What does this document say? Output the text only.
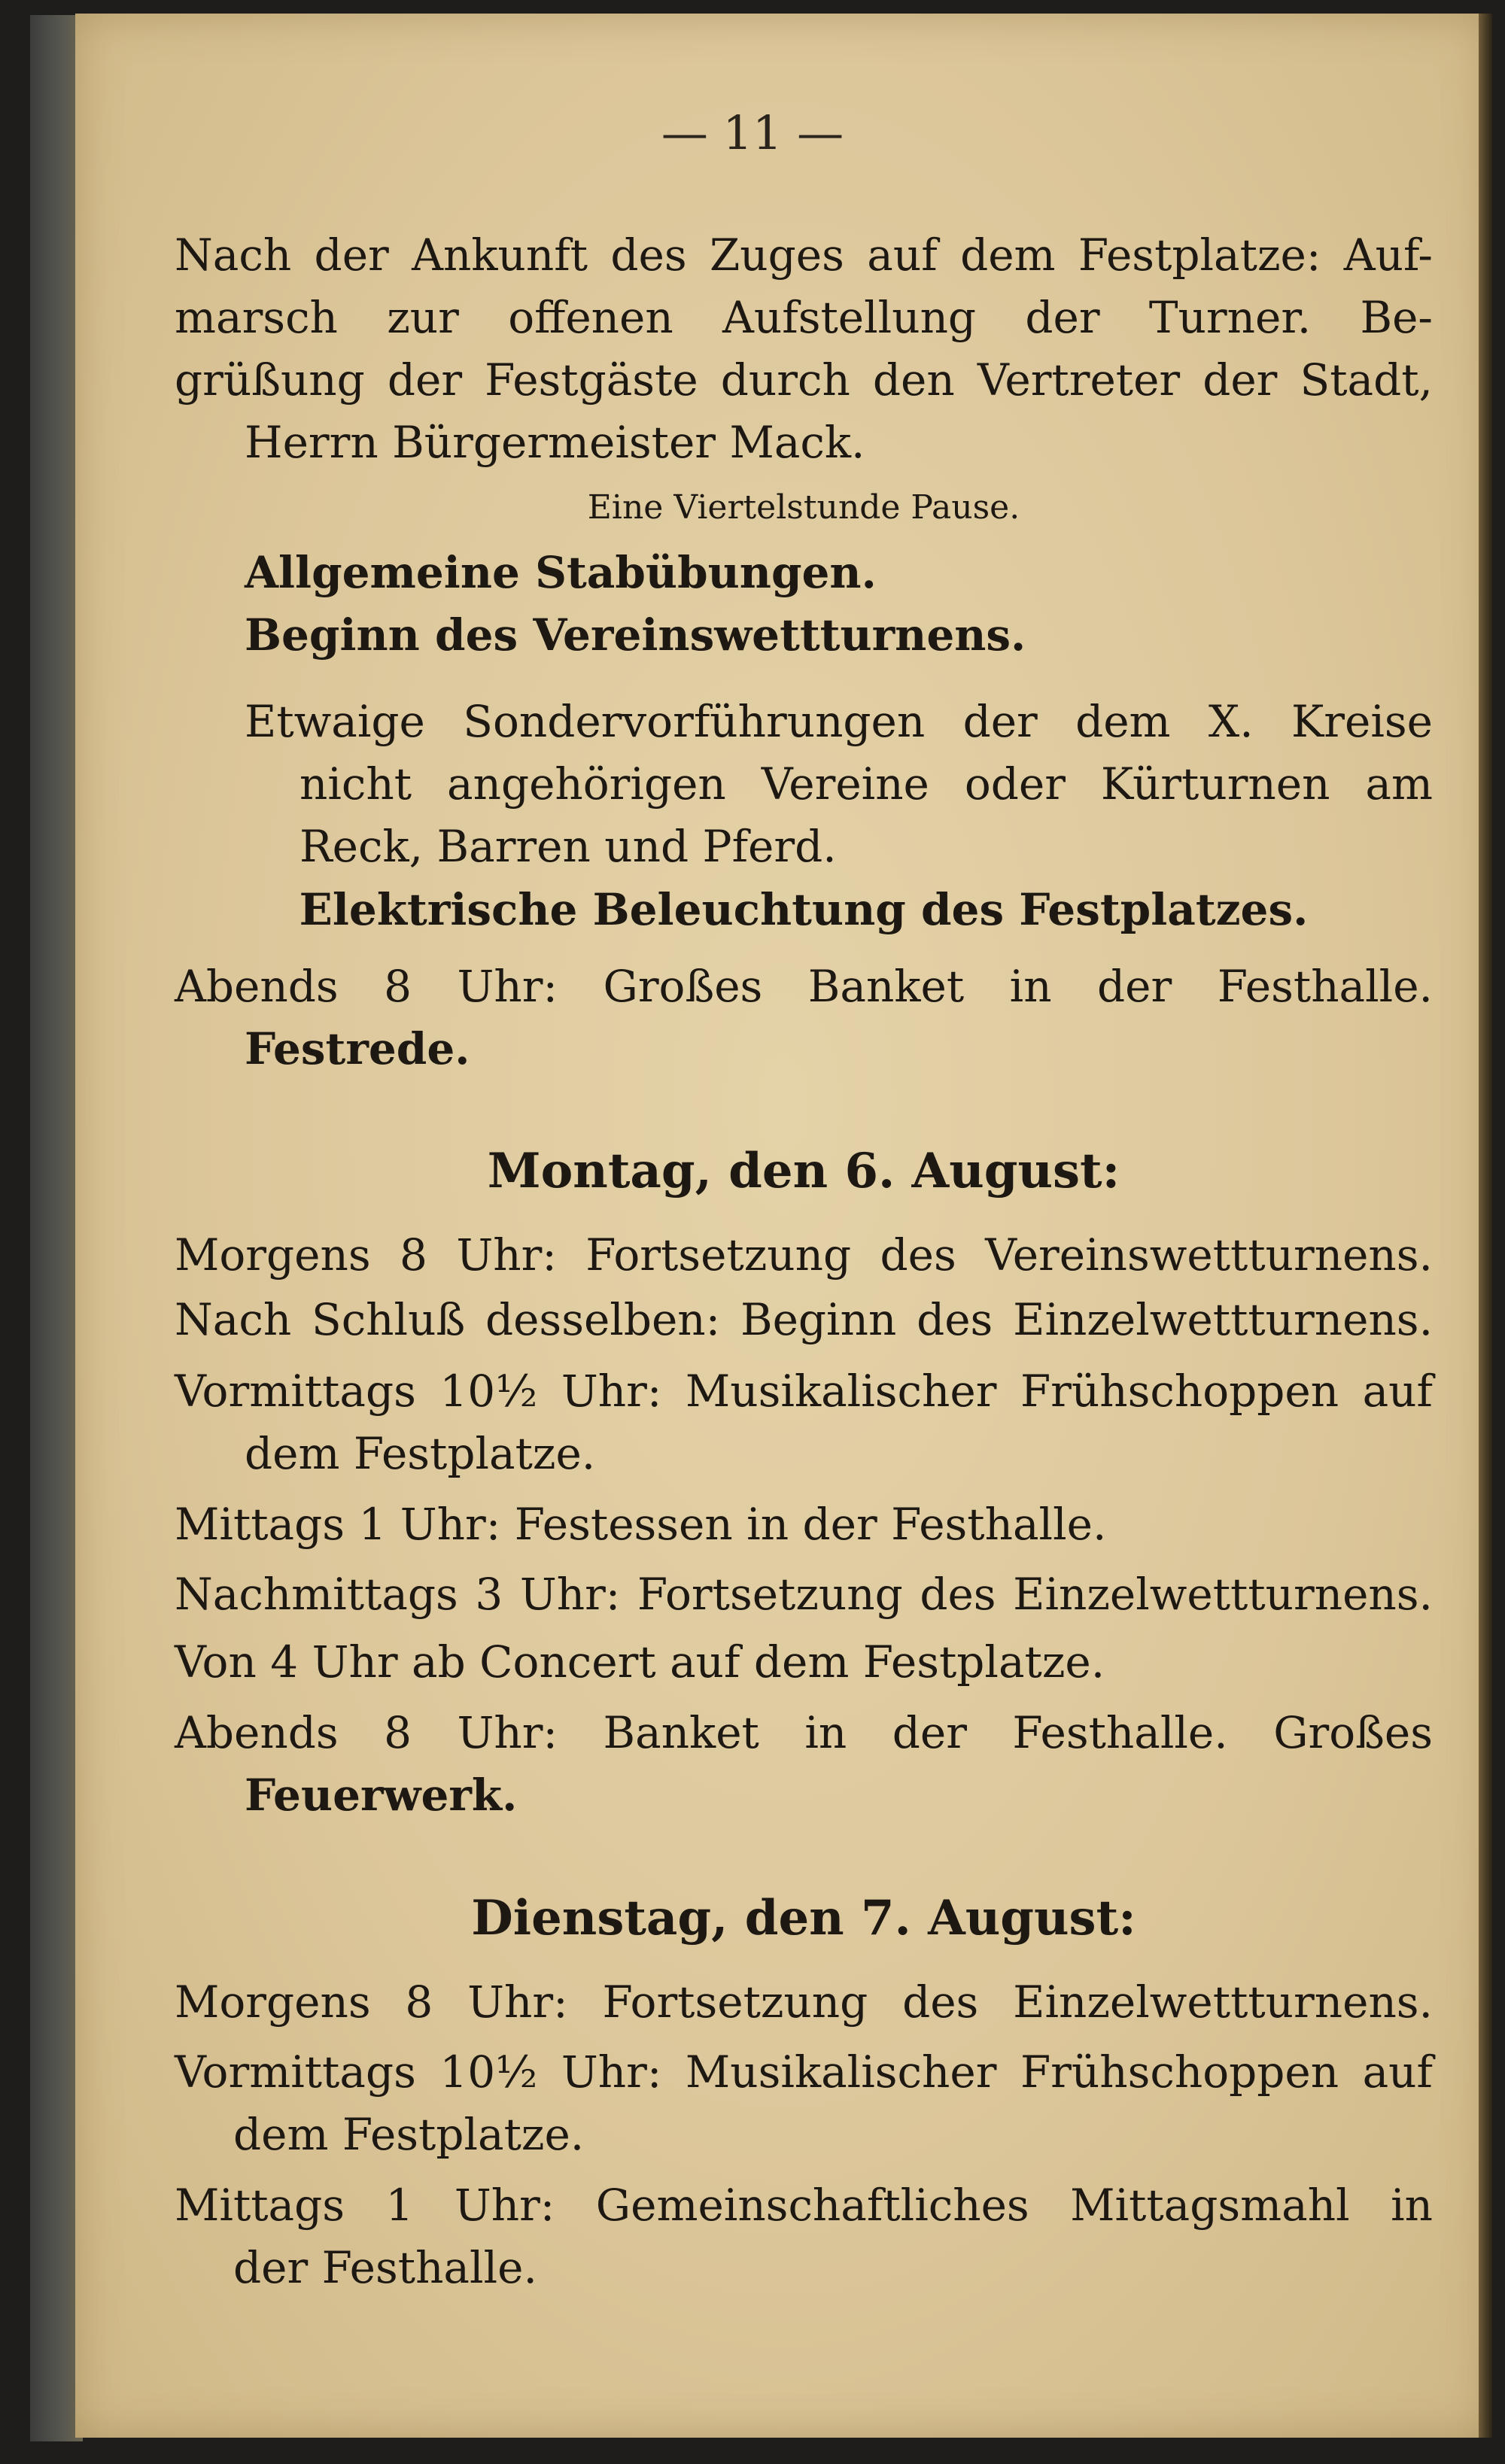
— 11 —
Nach der Ankunft des Zuges auf dem Festplatze: Auf-
marsch zur offenen Aufstellung der Turner. Be-
grüßung der Festgäste durch den Vertreter der Stadt,
Herrn Bürgermeister Mack.
Eine Viertelstunde Pause.
Allgemeine Stabübungen.
Beginn des Vereinswettturnens.
Etwaige Sondervorführungen der dem X. Kreise
nicht angehörigen Vereine oder Kürturnen am
Reck, Barren und Pferd.
Elektrische Beleuchtung des Festplatzes.
Abends 8 Uhr: Großes Banket in der Festhalle.
Festrede.
Montag, den 6. August:
Morgens 8 Uhr: Fortsetzung des Vereinswettturnens.
Nach Schluß desselben: Beginn des Einzelwettturnens.
Vormittags 10½ Uhr: Musikalischer Frühschoppen auf
dem Festplatze.
Mittags 1 Uhr: Festessen in der Festhalle.
Nachmittags 3 Uhr: Fortsetzung des Einzelwettturnens.
Von 4 Uhr ab Concert auf dem Festplatze.
Abends 8 Uhr: Banket in der Festhalle. Großes
Feuerwerk.
Dienstag, den 7. August:
Morgens 8 Uhr: Fortsetzung des Einzelwettturnens.
Vormittags 10½ Uhr: Musikalischer Frühschoppen auf
dem Festplatze.
Mittags 1 Uhr: Gemeinschaftliches Mittagsmahl in
der Festhalle.
